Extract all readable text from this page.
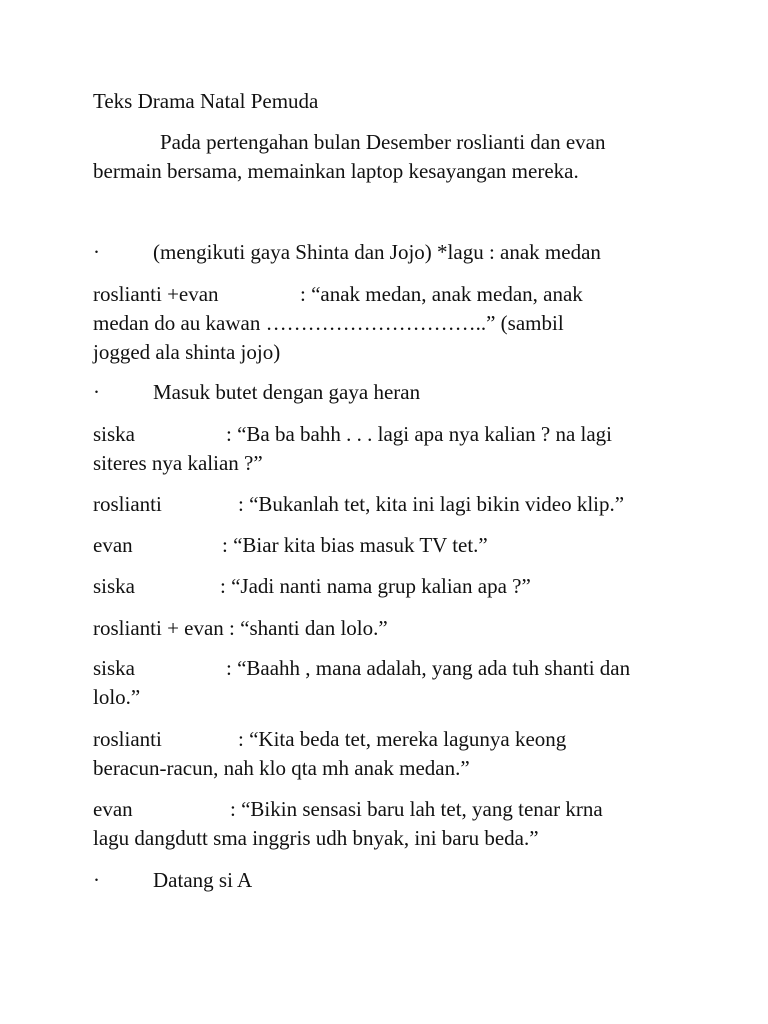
Teks Drama Natal Pemuda
Pada pertengahan bulan Desember roslianti dan evan
bermain bersama, memainkan laptop kesayangan mereka.
·	(mengikuti gaya Shinta dan Jojo) *lagu : anak medan
roslianti +evan	: “anak medan, anak medan, anak
medan do au kawan …………………………..” (sambil
jogged ala shinta jojo)
·	Masuk butet dengan gaya heran
siska	: “Ba ba bahh . . . lagi apa nya kalian ? na lagi
siteres nya kalian ?”
roslianti	: “Bukanlah tet, kita ini lagi bikin video klip.”
evan	: “Biar kita bias masuk TV tet.”
siska	: “Jadi nanti nama grup kalian apa ?”
roslianti + evan : “shanti dan lolo.”
siska	: “Baahh , mana adalah, yang ada tuh shanti dan
lolo.”
roslianti	: “Kita beda tet, mereka lagunya keong
beracun-racun, nah klo qta mh anak medan.”
evan	: “Bikin sensasi baru lah tet, yang tenar krna
lagu dangdutt sma inggris udh bnyak, ini baru beda.”
·	Datang si A
